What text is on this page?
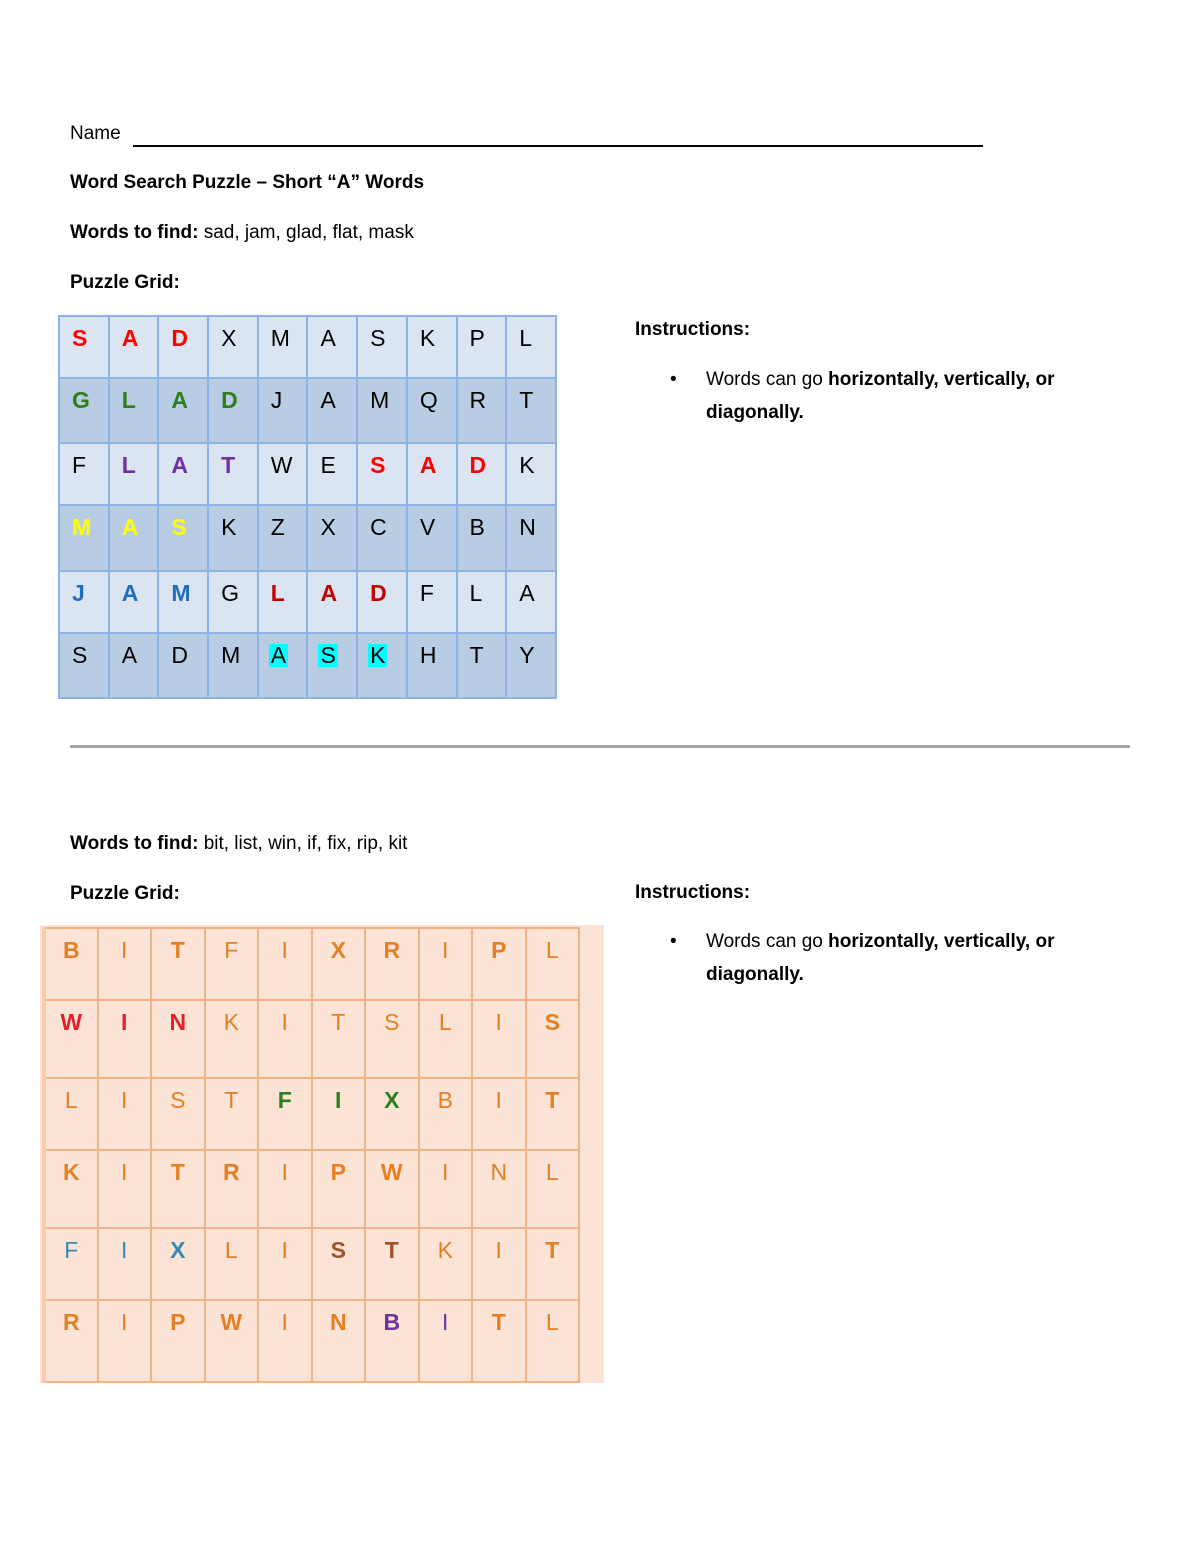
Name
Word Search Puzzle – Short “A” Words
Words to find: sad, jam, glad, flat, mask
Puzzle Grid:
S	A	D	X	M	A	S	K	P	L
G	L	A	D	J	A	M	Q	R	T
F	L	A	T	W	E	S	A	D	K
M	A	S	K	Z	X	C	V	B	N
J	A	M	G	L	A	D	F	L	A
S	A	D	M	A	S	K	H	T	Y
Instructions:
• Words can go horizontally, vertically, or diagonally.
Words to find: bit, list, win, if, fix, rip, kit
Puzzle Grid:
B	I	T	F	I	X	R	I	P	L
W	I	N	K	I	T	S	L	I	S
L	I	S	T	F	I	X	B	I	T
K	I	T	R	I	P	W	I	N	L
F	I	X	L	I	S	T	K	I	T
R	I	P	W	I	N	B	I	T	L
Instructions:
• Words can go horizontally, vertically, or diagonally.
